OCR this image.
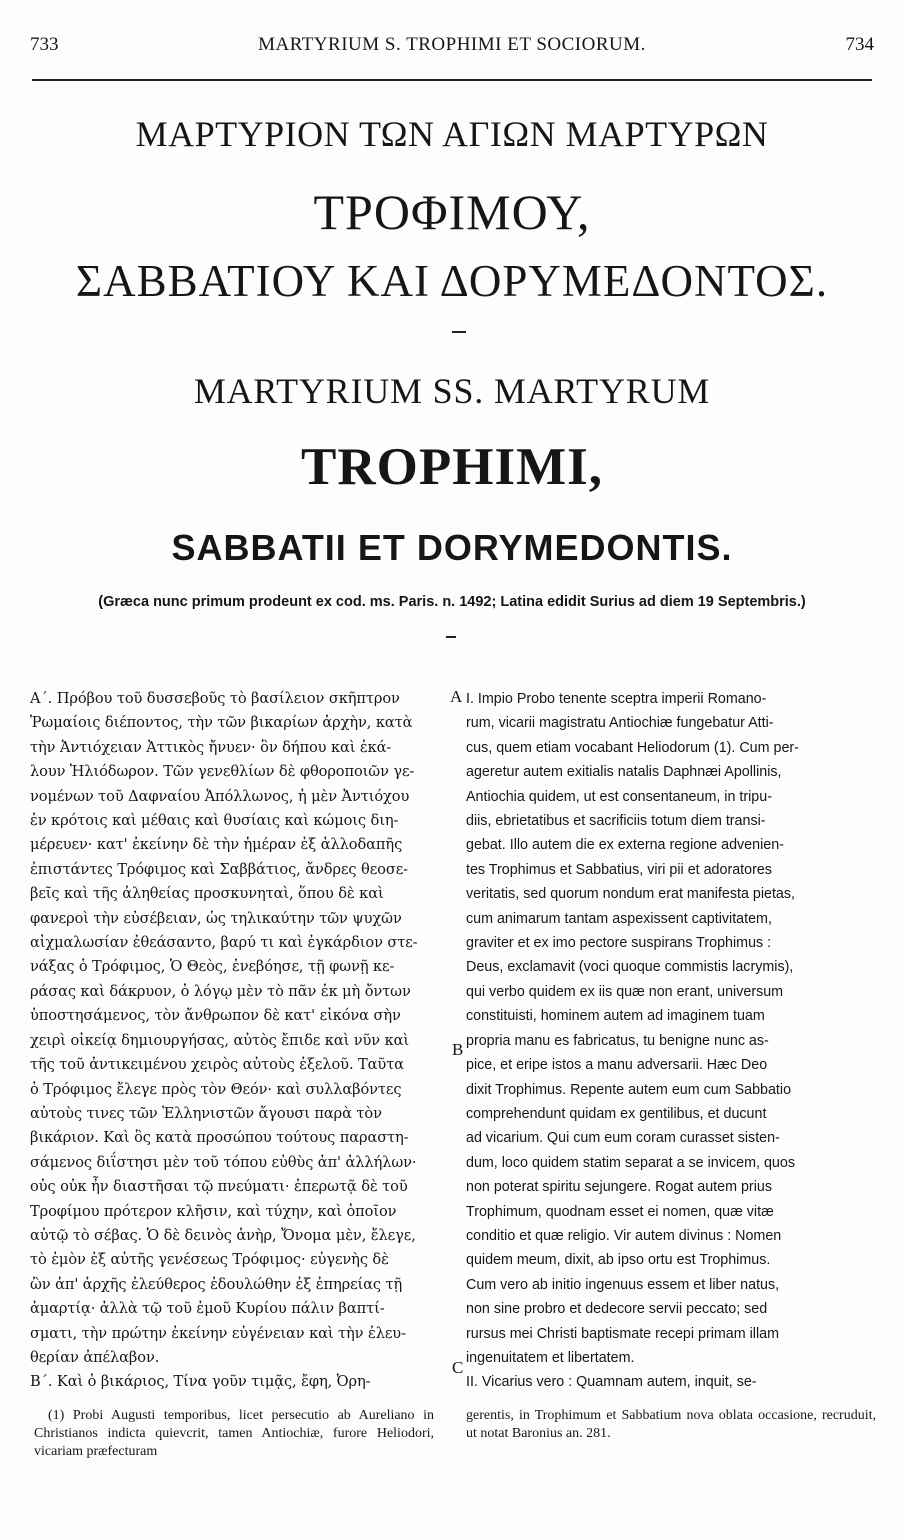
733	MARTYRIUM S. TROPHIMI ET SOCIORUM.	734
ΜΑΡΤΥΡΙΟΝ ΤΩΝ ΑΓΙΩΝ ΜΑΡΤΥΡΩΝ
ΤΡΟΦΙΜΟΥ,
ΣΑΒΒΑΤΙΟΥ ΚΑΙ ΔΟΡΥΜΕΔΟΝΤΟΣ.
MARTYRIUM SS. MARTYRUM
TROPHIMI,
SABBATII ET DORYMEDONTIS.
(Græca nunc primum prodeunt ex cod. ms. Paris. n. 1492; Latina edidit Surius ad diem 19 Septembris.)
Α΄. Πρόβου τοῦ δυσσεβοῦς τὸ βασίλειον σκῆπτρον
Ῥωμαίοις διέποντος, τὴν τῶν βικαρίων ἀρχὴν, κατὰ
τὴν Ἀντιόχειαν Ἀττικὸς ἤνυεν· ὃν δήπου καὶ ἐκά-
λουν Ἡλιόδωρον. Τῶν γενεθλίων δὲ φθοροποιῶν γε-
νομένων τοῦ Δαφναίου Ἀπόλλωνος, ἡ μὲν Ἀντιόχου
ἐν κρότοις καὶ μέθαις καὶ θυσίαις καὶ κώμοις διη-
μέρευεν· κατ' ἐκείνην δὲ τὴν ἡμέραν ἐξ ἀλλοδαπῆς
ἐπιστάντες Τρόφιμος καὶ Σαββάτιος, ἄνδρες θεοσε-
βεῖς καὶ τῆς ἀληθείας προσκυνηταὶ, ὅπου δὲ καὶ
φανεροὶ τὴν εὐσέβειαν, ὡς τηλικαύτην τῶν ψυχῶν
αἰχμαλωσίαν ἐθεάσαντο, βαρύ τι καὶ ἐγκάρδιον στε-
νάξας ὁ Τρόφιμος, Ὁ Θεὸς, ἐνεβόησε, τῇ φωνῇ κε-
ράσας καὶ δάκρυον, ὁ λόγῳ μὲν τὸ πᾶν ἐκ μὴ ὄντων
ὑποστησάμενος, τὸν ἄνθρωπον δὲ κατ' εἰκόνα σὴν
χειρὶ οἰκείᾳ δημιουργήσας, αὐτὸς ἔπιδε καὶ νῦν καὶ
τῆς τοῦ ἀντικειμένου χειρὸς αὐτοὺς ἐξελοῦ. Ταῦτα
ὁ Τρόφιμος ἔλεγε πρὸς τὸν Θεόν· καὶ συλλαβόντες
αὐτοὺς τινες τῶν Ἑλληνιστῶν ἄγουσι παρὰ τὸν
βικάριον. Καὶ ὃς κατὰ προσώπου τούτους παραστη-
σάμενος διΐστησι μὲν τοῦ τόπου εὐθὺς ἀπ' ἀλλήλων·
οὐς οὐκ ἦν διαστῆσαι τῷ πνεύματι· ἐπερωτᾷ δὲ τοῦ
Τροφίμου πρότερον κλῆσιν, καὶ τύχην, καὶ ὁποῖον
αὐτῷ τὸ σέβας. Ὁ δὲ δεινὸς ἀνὴρ, Ὄνομα μὲν, ἔλεγε,
τὸ ἐμὸν ἐξ αὐτῆς γενέσεως Τρόφιμος· εὐγενὴς δὲ
ὢν ἀπ' ἀρχῆς ἐλεύθερος ἐδουλώθην ἐξ ἐπηρείας τῇ
ἁμαρτίᾳ· ἀλλὰ τῷ τοῦ ἐμοῦ Κυρίου πάλιν βαπτί-
σματι, τὴν πρώτην ἐκείνην εὐγένειαν καὶ τὴν ἐλευ-
θερίαν ἀπέλαβον.
Β΄. Καὶ ὁ βικάριος, Τίνα γοῦν τιμᾷς, ἔφη, Ὀρη-
I. Impio Probo tenente sceptra imperii Romano-
rum, vicarii magistratu Antiochiæ fungebatur Atti-
cus, quem etiam vocabant Heliodorum (1). Cum per-
ageretur autem exitialis natalis Daphnæi Apollinis,
Antiochia quidem, ut est consentaneum, in tripu-
diis, ebrietatibus et sacrificiis totum diem transi-
gebat. Illo autem die ex externa regione advenien-
tes Trophimus et Sabbatius, viri pii et adoratores
veritatis, sed quorum nondum erat manifesta pietas,
cum animarum tantam aspexissent captivitatem,
graviter et ex imo pectore suspirans Trophimus :
Deus, exclamavit (voci quoque commistis lacrymis),
qui verbo quidem ex iis quæ non erant, universum
constituisti, hominem autem ad imaginem tuam
propria manu es fabricatus, tu benigne nunc as-
pice, et eripe istos a manu adversarii. Hæc Deo
dixit Trophimus. Repente autem eum cum Sabbatio
comprehendunt quidam ex gentilibus, et ducunt
ad vicarium. Qui cum eum coram curasset sisten-
dum, loco quidem statim separat a se invicem, quos
non poterat spiritu sejungere. Rogat autem prius
Trophimum, quodnam esset ei nomen, quæ vitæ
conditio et quæ religio. Vir autem divinus : Nomen
quidem meum, dixit, ab ipso ortu est Trophimus.
Cum vero ab initio ingenuus essem et liber natus,
non sine probro et dedecore servii peccato; sed
rursus mei Christi baptismate recepi primam illam
ingenuitatem et libertatem.
II. Vicarius vero : Quamnam autem, inquit, se-
A
B
C

(1) Probi Augusti temporibus, licet persecutio ab Aureliano in Christianos indicta quievcrit, tamen Antiochiæ, furore Heliodori, vicariam præfecturam

gerentis, in Trophimum et Sabbatium nova oblata occasione, recruduit, ut notat Baronius an. 281.
